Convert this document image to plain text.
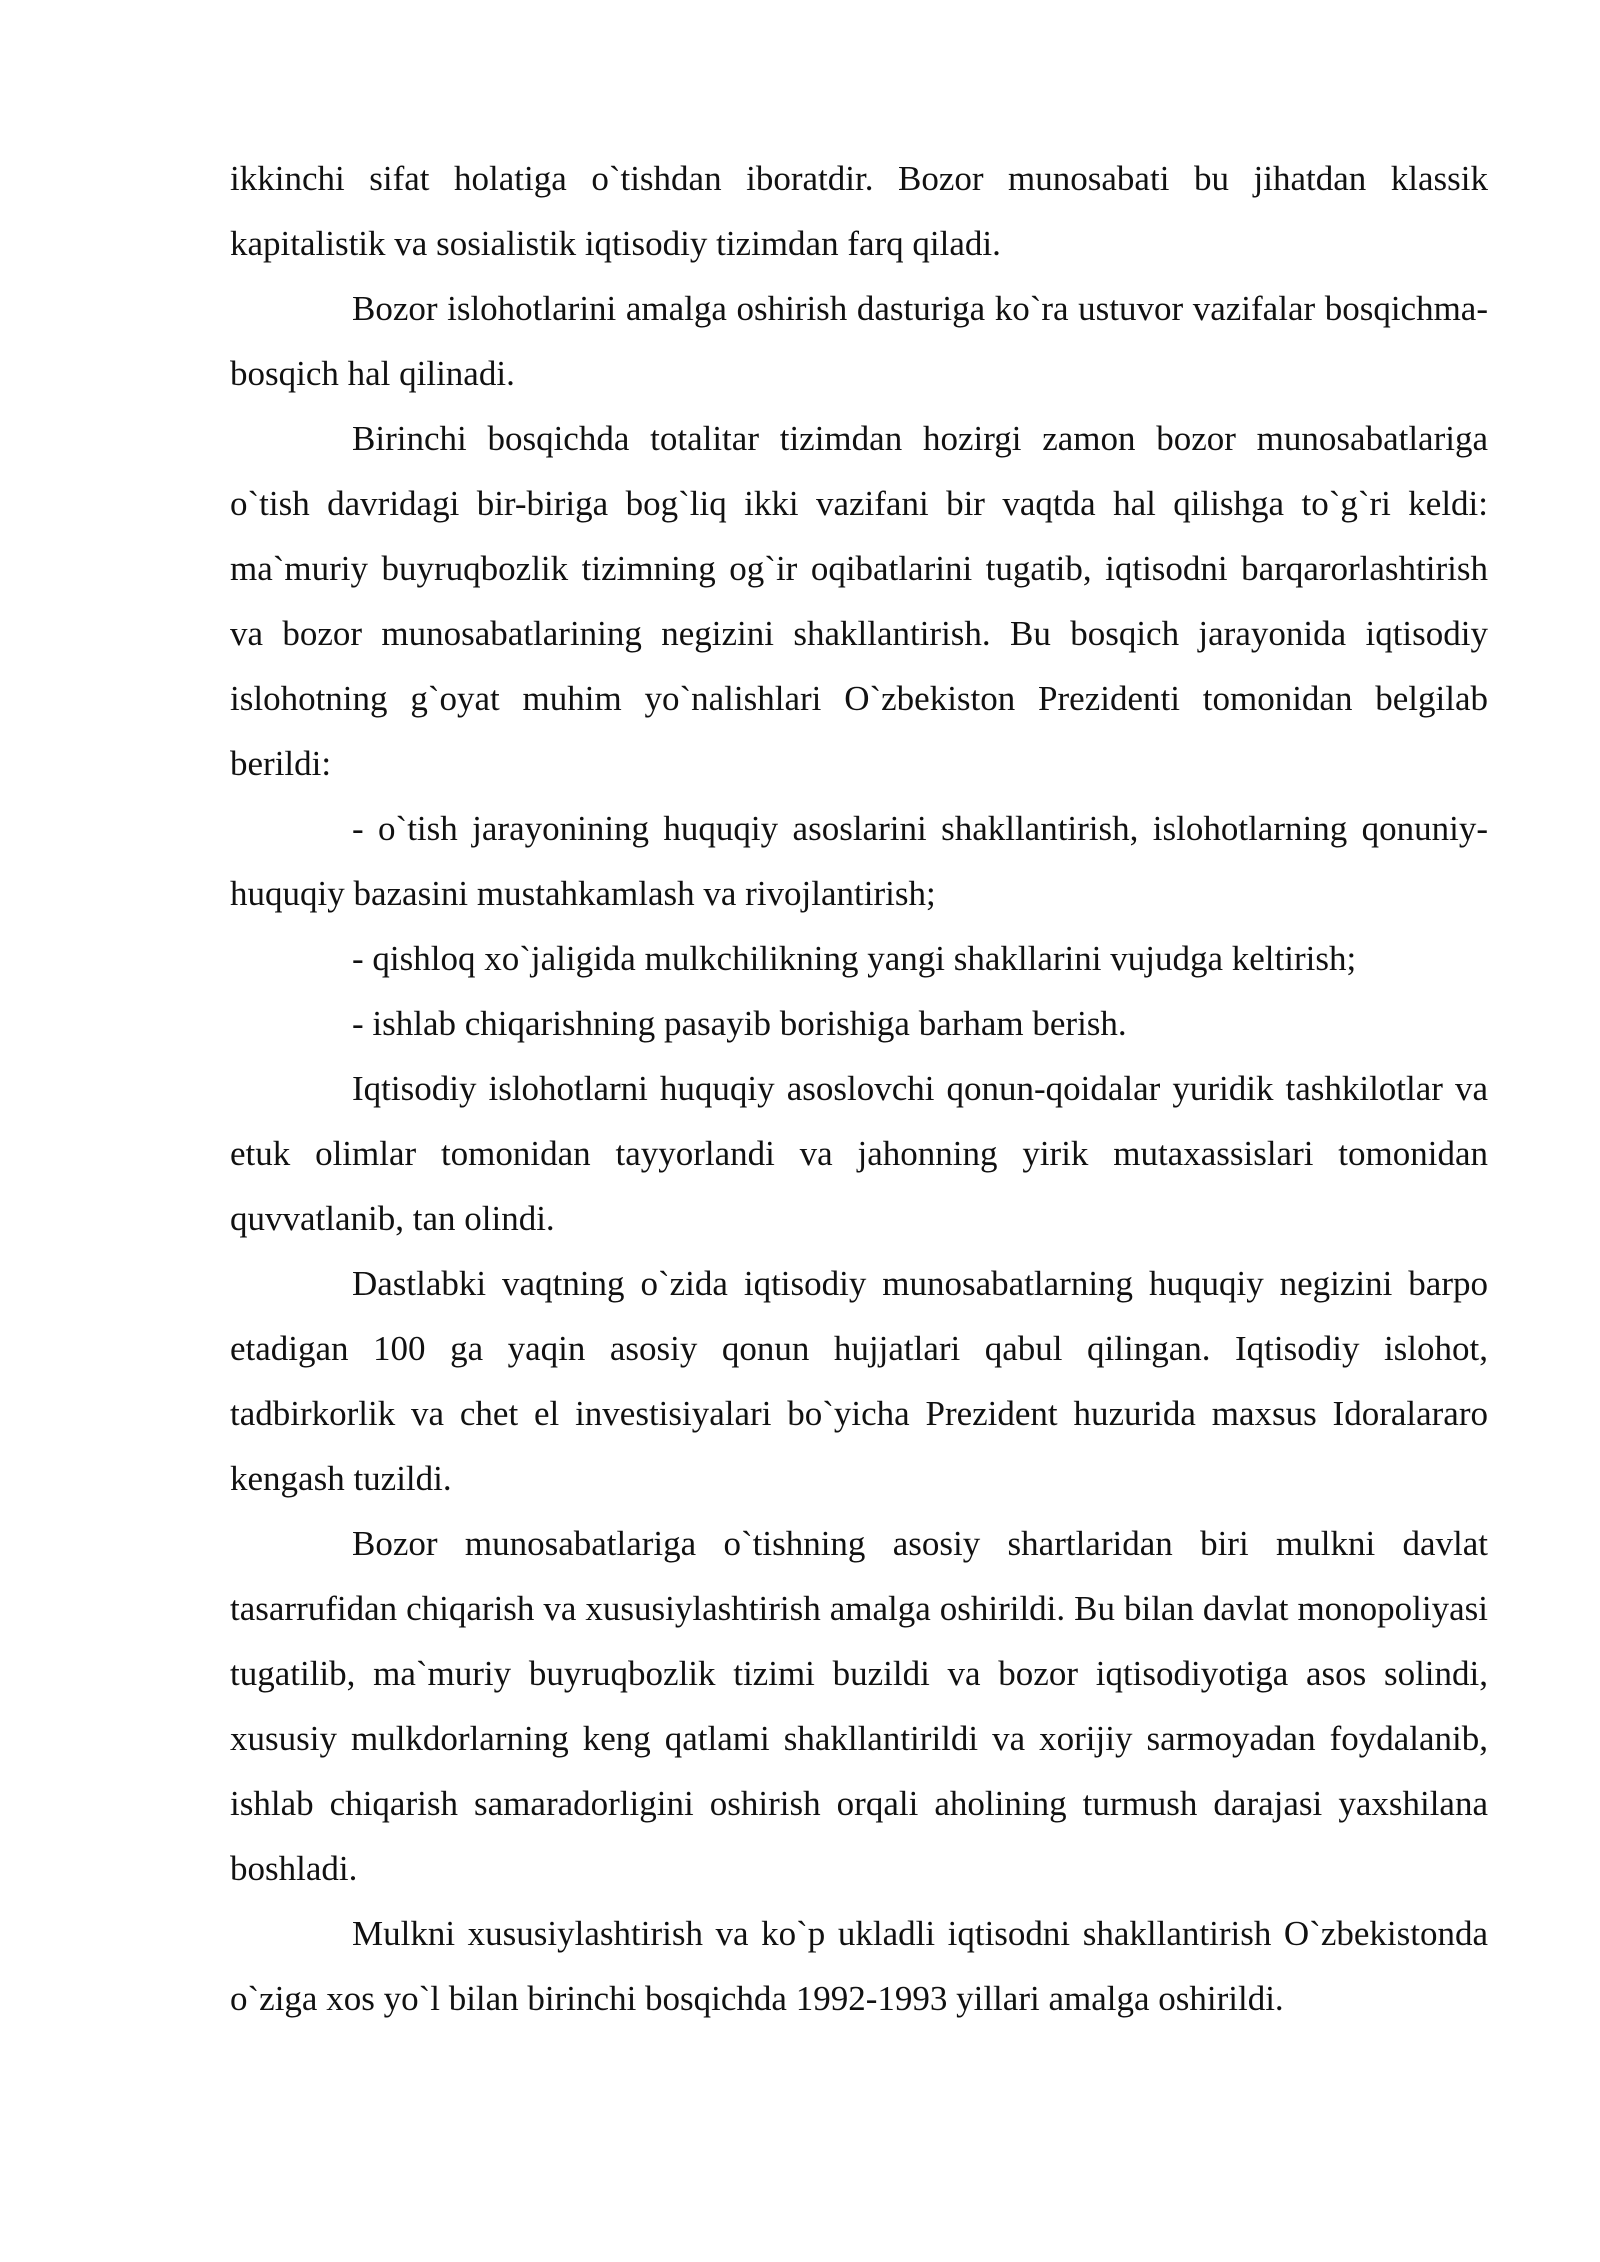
ikkinchi sifat holatiga o`tishdan iboratdir. Bozor munosabati bu jihatdan klassik kapitalistik va sosialistik iqtisodiy tizimdan farq qiladi.

Bozor islohotlarini amalga oshirish dasturiga ko`ra ustuvor vazifalar bosqichma-bosqich hal qilinadi.

Birinchi bosqichda totalitar tizimdan hozirgi zamon bozor munosabatlariga o`tish davridagi bir-biriga bog`liq ikki vazifani bir vaqtda hal qilishga to`g`ri keldi: ma`muriy buyruqbozlik tizimning og`ir oqibatlarini tugatib, iqtisodni barqarorlashtirish va bozor munosabatlarining negizini shakllantirish. Bu bosqich jarayonida iqtisodiy islohotning g`oyat muhim yo`nalishlari O`zbekiston Prezidenti tomonidan belgilab berildi:

- o`tish jarayonining huquqiy asoslarini shakllantirish, islohotlarning qonuniy-huquqiy bazasini mustahkamlash va rivojlantirish;

- qishloq xo`jaligida mulkchilikning yangi shakllarini vujudga keltirish;

- ishlab chiqarishning pasayib borishiga barham berish.

Iqtisodiy islohotlarni huquqiy asoslovchi qonun-qoidalar yuridik tashkilotlar va etuk olimlar tomonidan tayyorlandi va jahonning yirik mutaxassislari tomonidan quvvatlanib, tan olindi.

Dastlabki vaqtning o`zida iqtisodiy munosabatlarning huquqiy negizini barpo etadigan 100 ga yaqin asosiy qonun hujjatlari qabul qilingan. Iqtisodiy islohot, tadbirkorlik va chet el investisiyalari bo`yicha Prezident huzurida maxsus Idoralararo kengash tuzildi.

Bozor munosabatlariga o`tishning asosiy shartlaridan biri mulkni davlat tasarrufidan chiqarish va xususiylashtirish amalga oshirildi. Bu bilan davlat monopoliyasi tugatilib, ma`muriy buyruqbozlik tizimi buzildi va bozor iqtisodiyotiga asos solindi, xususiy mulkdorlarning keng qatlami shakllantirildi va xorijiy sarmoyadan foydalanib, ishlab chiqarish samaradorligini oshirish orqali aholining turmush darajasi yaxshilana boshladi.

Mulkni xususiylashtirish va ko`p ukladli iqtisodni shakllantirish O`zbekistonda o`ziga xos yo`l bilan birinchi bosqichda 1992-1993 yillari amalga oshirildi.
